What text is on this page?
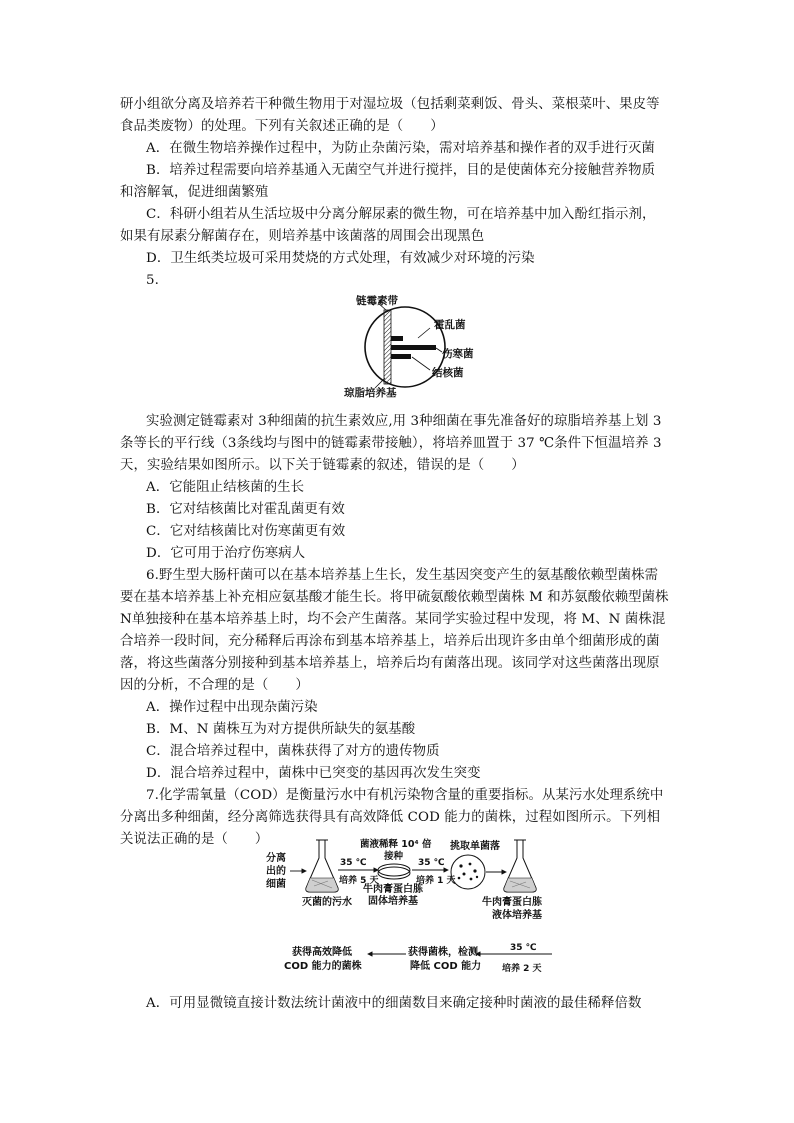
研小组欲分离及培养若干种微生物用于对湿垃圾（包括剩菜剩饭、骨头、菜根菜叶、果皮等
食品类废物）的处理。下列有关叙述正确的是（　　）
A．在微生物培养操作过程中，为防止杂菌污染，需对培养基和操作者的双手进行灭菌
B．培养过程需要向培养基通入无菌空气并进行搅拌，目的是使菌体充分接触营养物质
和溶解氧，促进细菌繁殖
C．科研小组若从生活垃圾中分离分解尿素的微生物，可在培养基中加入酚红指示剂，
如果有尿素分解菌存在，则培养基中该菌落的周围会出现黑色
D．卫生纸类垃圾可采用焚烧的方式处理，有效减少对环境的污染
5.
链霉素带
霍乱菌
伤寒菌
结核菌
琼脂培养基
实验测定链霉素对 3种细菌的抗生素效应,用 3种细菌在事先准备好的琼脂培养基上划 3
条等长的平行线（3条线均与图中的链霉素带接触），将培养皿置于 37 ℃条件下恒温培养 3
天，实验结果如图所示。以下关于链霉素的叙述，错误的是（　　）
A．它能阻止结核菌的生长
B．它对结核菌比对霍乱菌更有效
C．它对结核菌比对伤寒菌更有效
D．它可用于治疗伤寒病人
6.野生型大肠杆菌可以在基本培养基上生长，发生基因突变产生的氨基酸依赖型菌株需
要在基本培养基上补充相应氨基酸才能生长。将甲硫氨酸依赖型菌株 M 和苏氨酸依赖型菌株
N单独接种在基本培养基上时，均不会产生菌落。某同学实验过程中发现，将 M、N 菌株混
合培养一段时间，充分稀释后再涂布到基本培养基上，培养后出现许多由单个细菌形成的菌
落，将这些菌落分别接种到基本培养基上，培养后均有菌落出现。该同学对这些菌落出现原
因的分析，不合理的是（　　）
A．操作过程中出现杂菌污染
B．M、N 菌株互为对方提供所缺失的氨基酸
C．混合培养过程中，菌株获得了对方的遗传物质
D．混合培养过程中，菌株中已突变的基因再次发生突变
7.化学需氧量（COD）是衡量污水中有机污染物含量的重要指标。从某污水处理系统中
分离出多种细菌，经分离筛选获得具有高效降低 COD 能力的菌株，过程如图所示。下列相
关说法正确的是（　　）
分离
出的
细菌
灭菌的污水
35 ℃
培养 5 天
菌液稀释 10⁴ 倍
接种
牛肉膏蛋白胨
固体培养基
35 ℃
培养 1 天
挑取单菌落
牛肉膏蛋白胨
液体培养基
35 ℃
培养 2 天
获得菌株，检测
降低 COD 能力
获得高效降低
COD 能力的菌株
A．可用显微镜直接计数法统计菌液中的细菌数目来确定接种时菌液的最佳稀释倍数
